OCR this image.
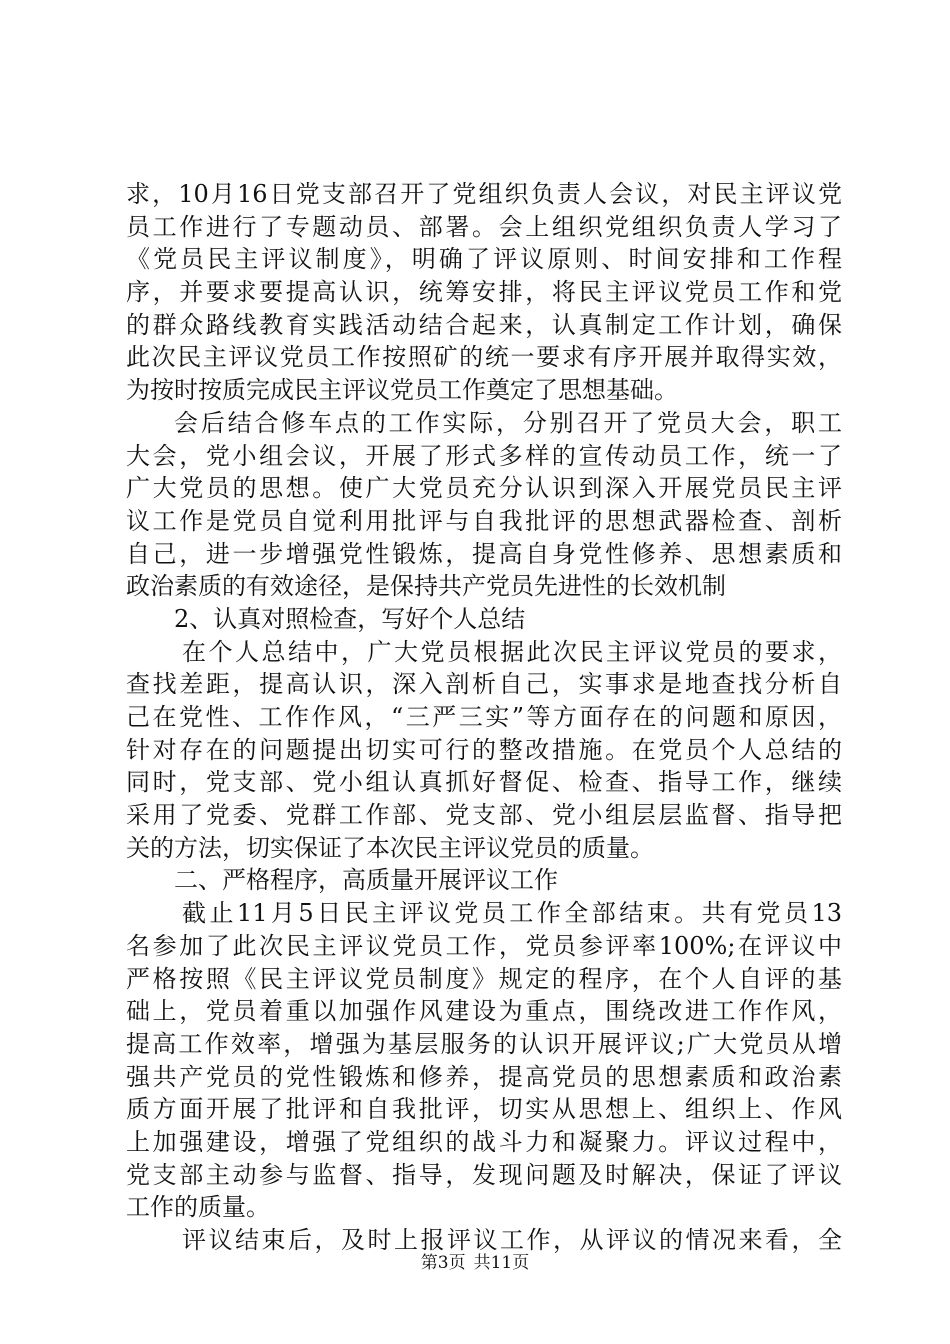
求，10月16日党支部召开了党组织负责人会议，对民主评议党
员工作进行了专题动员、部署。会上组织党组织负责人学习了
《党员民主评议制度》，明确了评议原则、时间安排和工作程
序，并要求要提高认识，统筹安排，将民主评议党员工作和党
的群众路线教育实践活动结合起来，认真制定工作计划，确保
此次民主评议党员工作按照矿的统一要求有序开展并取得实效，
为按时按质完成民主评议党员工作奠定了思想基础。
会后结合修车点的工作实际，分别召开了党员大会，职工
大会，党小组会议，开展了形式多样的宣传动员工作，统一了
广大党员的思想。使广大党员充分认识到深入开展党员民主评
议工作是党员自觉利用批评与自我批评的思想武器检查、剖析
自己，进一步增强党性锻炼，提高自身党性修养、思想素质和
政治素质的有效途径，是保持共产党员先进性的长效机制
2、认真对照检查，写好个人总结
在个人总结中，广大党员根据此次民主评议党员的要求，
查找差距，提高认识，深入剖析自己，实事求是地查找分析自
己在党性、工作作风，“三严三实”等方面存在的问题和原因，
针对存在的问题提出切实可行的整改措施。在党员个人总结的
同时，党支部、党小组认真抓好督促、检查、指导工作，继续
采用了党委、党群工作部、党支部、党小组层层监督、指导把
关的方法，切实保证了本次民主评议党员的质量。
二、严格程序，高质量开展评议工作
截止11月5日民主评议党员工作全部结束。共有党员13
名参加了此次民主评议党员工作，党员参评率100%;在评议中
严格按照《民主评议党员制度》规定的程序，在个人自评的基
础上，党员着重以加强作风建设为重点，围绕改进工作作风，
提高工作效率，增强为基层服务的认识开展评议;广大党员从增
强共产党员的党性锻炼和修养，提高党员的思想素质和政治素
质方面开展了批评和自我批评，切实从思想上、组织上、作风
上加强建设，增强了党组织的战斗力和凝聚力。评议过程中，
党支部主动参与监督、指导，发现问题及时解决，保证了评议
工作的质量。
评议结束后，及时上报评议工作，从评议的情况来看，全
第3页 共11页
